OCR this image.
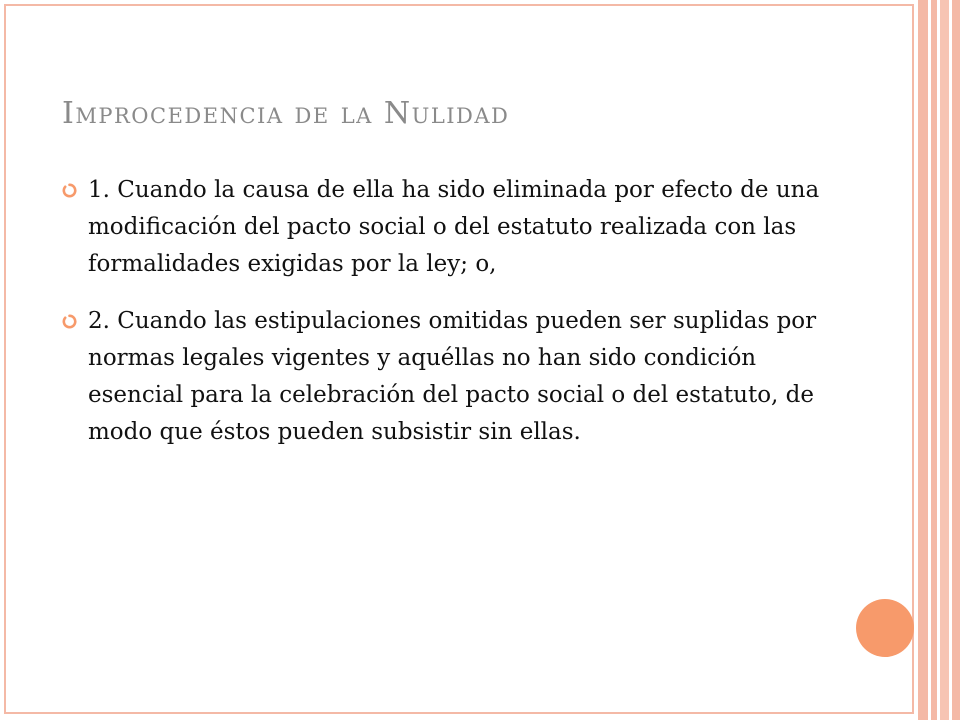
Improcedencia de la Nulidad
1. Cuando la causa de ella ha sido eliminada por efecto de una modificación del pacto social o del estatuto realizada con las formalidades exigidas por la ley; o,
2. Cuando las estipulaciones omitidas pueden ser suplidas por normas legales vigentes y aquéllas no han sido condición esencial para la celebración del pacto social o del estatuto, de modo que éstos pueden subsistir sin ellas.
